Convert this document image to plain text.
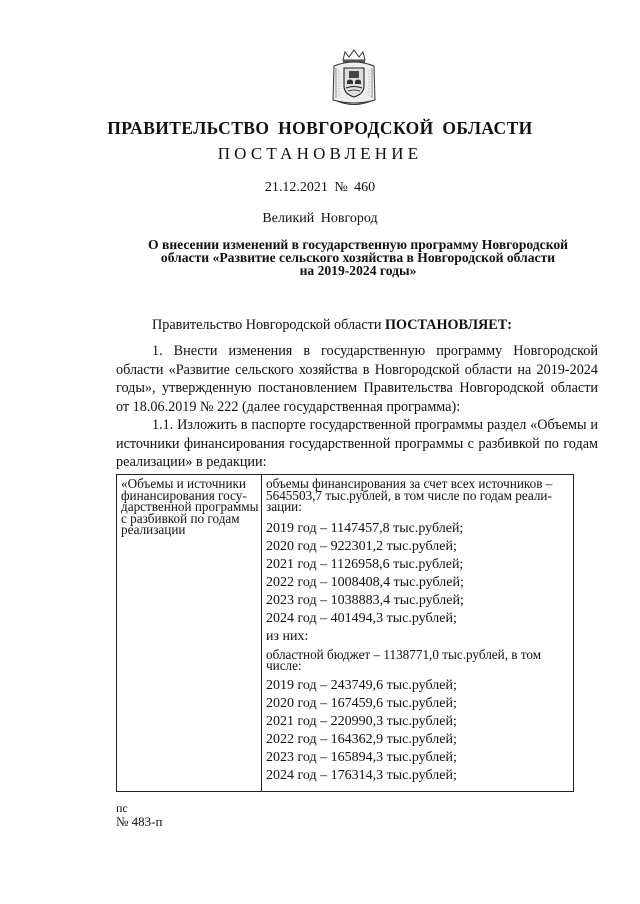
ПРАВИТЕЛЬСТВО НОВГОРОДСКОЙ ОБЛАСТИ
ПОСТАНОВЛЕНИЕ
21.12.2021 № 460
Великий Новгород
О внесении изменений в государственную программу Новгородской
области «Развитие сельского хозяйства в Новгородской области
на 2019-2024 годы»
Правительство Новгородской области ПОСТАНОВЛЯЕТ:
1. Внести изменения в государственную программу Новгородской области «Развитие сельского хозяйства в Новгородской области на 2019-2024 годы», утвержденную постановлением Правительства Новгородской области от 18.06.2019 № 222 (далее государственная программа):
1.1. Изложить в паспорте государственной программы раздел «Объемы и источники финансирования государственной программы с разбивкой по годам реализации» в редакции:
«Объемы и источники
финансирования госу-
дарственной программы
с разбивкой по годам
реализации
объемы финансирования за счет всех источников –
5645503,7 тыс.рублей, в том числе по годам реали-
зации:
2019 год – 1147457,8 тыс.рублей;
2020 год – 922301,2 тыс.рублей;
2021 год – 1126958,6 тыс.рублей;
2022 год – 1008408,4 тыс.рублей;
2023 год – 1038883,4 тыс.рублей;
2024 год – 401494,3 тыс.рублей;
из них:
областной бюджет – 1138771,0 тыс.рублей, в том
числе:
2019 год – 243749,6 тыс.рублей;
2020 год – 167459,6 тыс.рублей;
2021 год – 220990,3 тыс.рублей;
2022 год – 164362,9 тыс.рублей;
2023 год – 165894,3 тыс.рублей;
2024 год – 176314,3 тыс.рублей;
пс
№ 483-п
